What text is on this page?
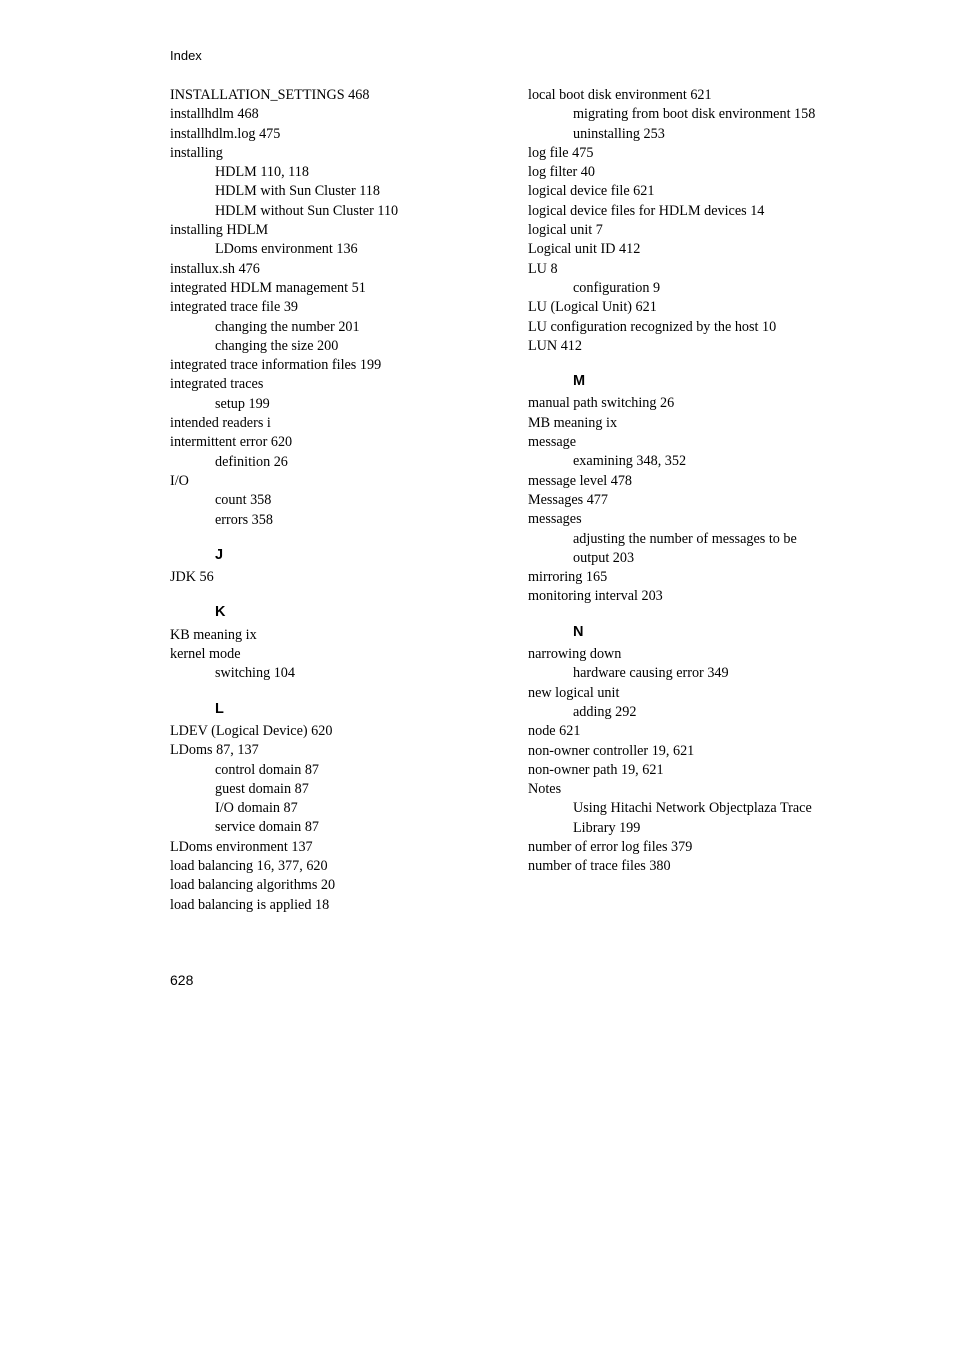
Index
INSTALLATION_SETTINGS 468
installhdlm 468
installhdlm.log 475
installing
HDLM 110, 118
HDLM with Sun Cluster 118
HDLM without Sun Cluster 110
installing HDLM
LDoms environment 136
installux.sh 476
integrated HDLM management 51
integrated trace file 39
changing the number 201
changing the size 200
integrated trace information files 199
integrated traces
setup 199
intended readers i
intermittent error 620
definition 26
I/O
count 358
errors 358
J
JDK 56
K
KB meaning ix
kernel mode
switching 104
L
LDEV (Logical Device) 620
LDoms 87, 137
control domain 87
guest domain 87
I/O domain 87
service domain 87
LDoms environment 137
load balancing 16, 377, 620
load balancing algorithms 20
load balancing is applied 18
local boot disk environment 621
migrating from boot disk environment 158
uninstalling 253
log file 475
log filter 40
logical device file 621
logical device files for HDLM devices 14
logical unit 7
Logical unit ID 412
LU 8
configuration 9
LU (Logical Unit) 621
LU configuration recognized by the host 10
LUN 412
M
manual path switching 26
MB meaning ix
message
examining 348, 352
message level 478
Messages 477
messages
adjusting the number of messages to be
output 203
mirroring 165
monitoring interval 203
N
narrowing down
hardware causing error 349
new logical unit
adding 292
node 621
non-owner controller 19, 621
non-owner path 19, 621
Notes
Using Hitachi Network Objectplaza Trace
Library 199
number of error log files 379
number of trace files 380
628
